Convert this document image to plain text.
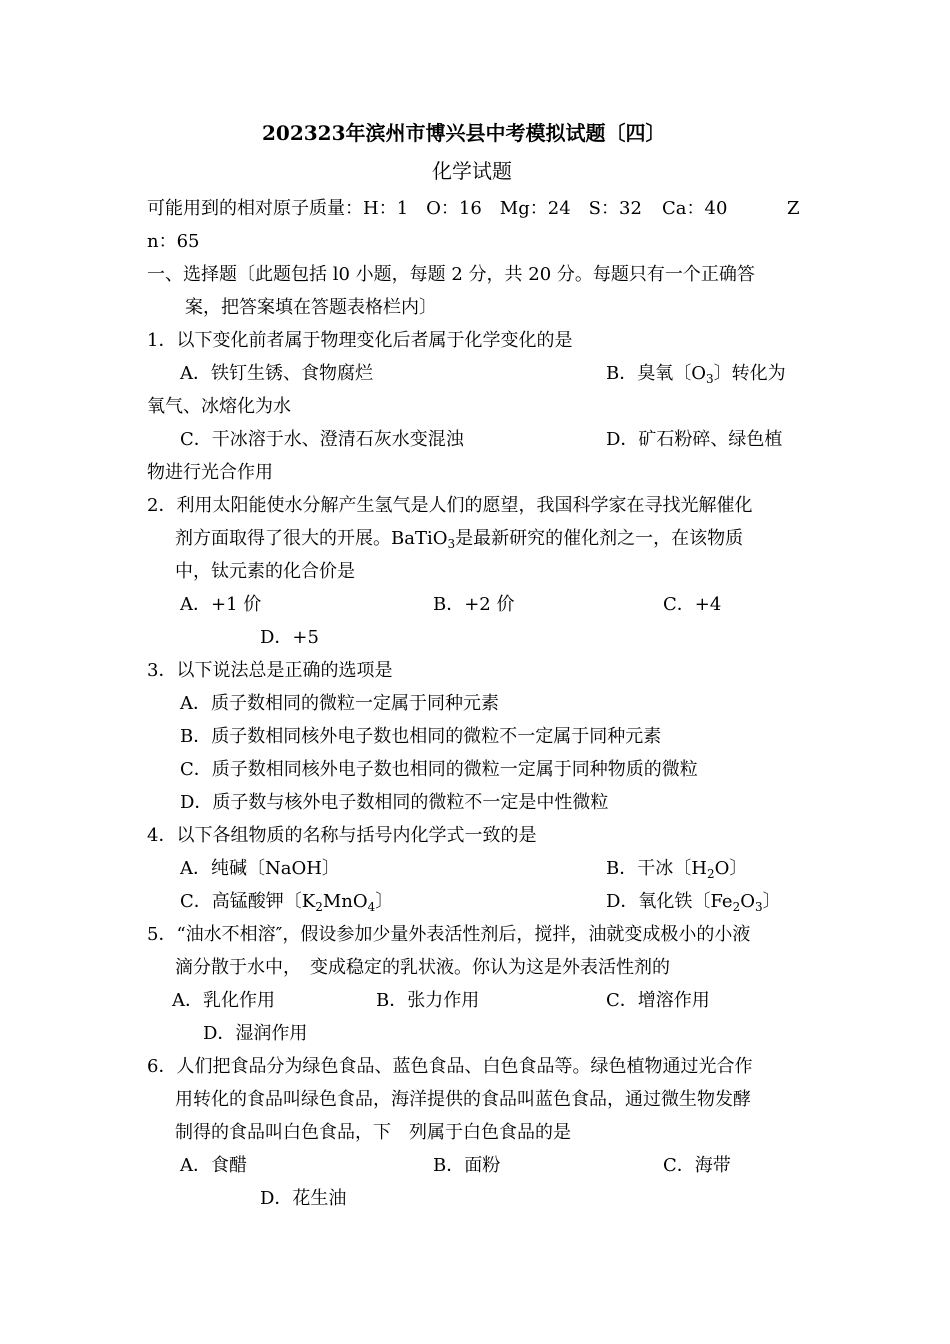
202323年滨州市博兴县中考模拟试题〔四〕
化学试题
可能用到的相对原子质量：H：1　O：16　Mg：24　S：32 Ca：40	Z
n：65
一、选择题〔此题包括 l0 小题，每题 2 分，共 20 分。每题只有一个正确答
案，把答案填在答题表格栏内〕
1．以下变化前者属于物理变化后者属于化学变化的是
A．铁钉生锈、食物腐烂	B．臭氧〔$O_3$〕转化为
氧气、冰熔化为水
C．干冰溶于水、澄清石灰水变混浊	D．矿石粉碎、绿色植
物进行光合作用
2．利用太阳能使水分解产生氢气是人们的愿望，我国科学家在寻找光解催化
剂方面取得了很大的开展。BaTiO$_3$是最新研究的催化剂之一，在该物质
中，钛元素的化合价是
A．+1 价	B．+2 价	C．+4
D．+5
3．以下说法总是正确的选项是
A．质子数相同的微粒一定属于同种元素
B．质子数相同核外电子数也相同的微粒不一定属于同种元素
C．质子数相同核外电子数也相同的微粒一定属于同种物质的微粒
D．质子数与核外电子数相同的微粒不一定是中性微粒
4．以下各组物质的名称与括号内化学式一致的是
A．纯碱〔NaOH〕	B．干冰〔$H_2O$〕
C．高锰酸钾〔$K_2MnO_4$〕	D．氧化铁〔$Fe_2O_3$〕
5．“油水不相溶″，假设参加少量外表活性剂后，搅拌，油就变成极小的小液
滴分散于水中，　变成稳定的乳状液。你认为这是外表活性剂的
A．乳化作用	B．张力作用	C．增溶作用
D．湿润作用
6．人们把食品分为绿色食品、蓝色食品、白色食品等。绿色植物通过光合作
用转化的食品叫绿色食品，海洋提供的食品叫蓝色食品，通过微生物发酵
制得的食品叫白色食品，下　列属于白色食品的是
A．食醋	B．面粉	C．海带
D．花生油
